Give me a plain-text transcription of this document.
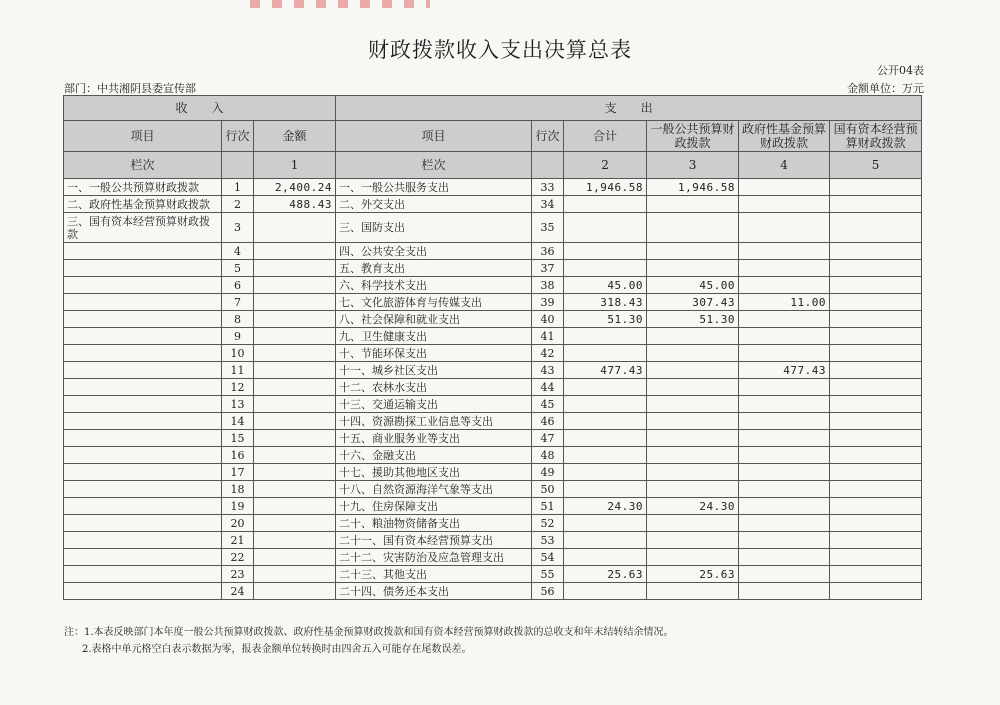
财政拨款收入支出决算总表
公开04表
部门：中共湘阴县委宣传部	金额单位：万元
收　　入			支　　出					
项目	行次	金额	项目	行次	合计	一般公共预算财政拨款	政府性基金预算财政拨款	国有资本经营预算财政拨款
栏次		1	栏次		2	3	4	5
一、一般公共预算财政拨款	1	2,400.24	一、一般公共服务支出	33	1,946.58	1,946.58		
二、政府性基金预算财政拨款	2	488.43	二、外交支出	34				
三、国有资本经营预算财政拨款	3		三、国防支出	35				
	4		四、公共安全支出	36				
	5		五、教育支出	37				
	6		六、科学技术支出	38	45.00	45.00		
	7		七、文化旅游体育与传媒支出	39	318.43	307.43	11.00	
	8		八、社会保障和就业支出	40	51.30	51.30		
	9		九、卫生健康支出	41				
	10		十、节能环保支出	42				
	11		十一、城乡社区支出	43	477.43		477.43	
	12		十二、农林水支出	44				
	13		十三、交通运输支出	45				
	14		十四、资源勘探工业信息等支出	46				
	15		十五、商业服务业等支出	47				
	16		十六、金融支出	48				
	17		十七、援助其他地区支出	49				
	18		十八、自然资源海洋气象等支出	50				
	19		十九、住房保障支出	51	24.30	24.30		
	20		二十、粮油物资储备支出	52				
	21		二十一、国有资本经营预算支出	53				
	22		二十二、灾害防治及应急管理支出	54				
	23		二十三、其他支出	55	25.63	25.63		
	24		二十四、债务还本支出	56				
注：1.本表反映部门本年度一般公共预算财政拨款、政府性基金预算财政拨款和国有资本经营预算财政拨款的总收支和年末结转结余情况。
2.表格中单元格空白表示数据为零，报表金额单位转换时由四舍五入可能存在尾数误差。
